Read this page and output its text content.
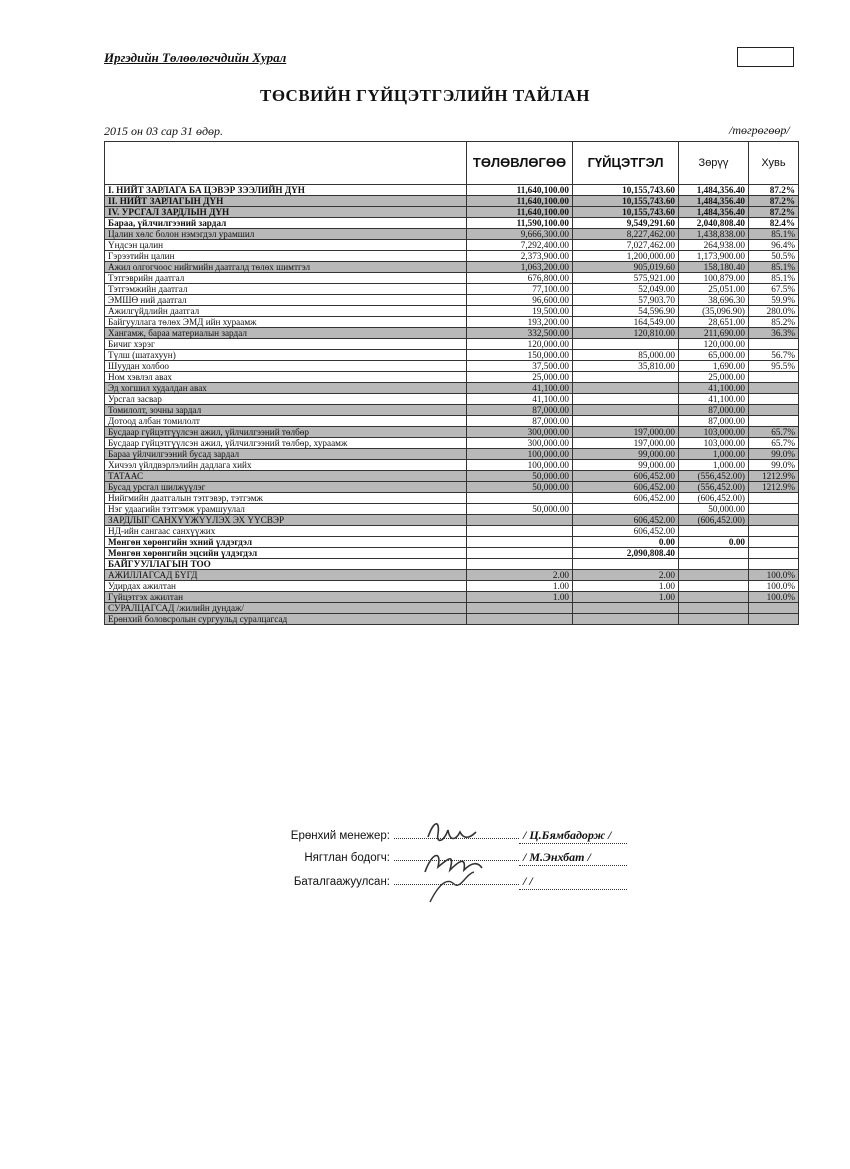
Иргэдийн Төлөөлөгчдийн Хурал
ТӨСВИЙН ГҮЙЦЭТГЭЛИЙН ТАЙЛАН
2015 он 03 сар 31 өдөр.	/төгрөгөөр/
	ТӨЛӨВЛӨГӨӨ	ГҮЙЦЭТГЭЛ	Зөрүү	Хувь
I. НИЙТ ЗАРЛАГА БА ЦЭВЭР ЗЭЭЛИЙН ДҮН	11,640,100.00	10,155,743.60	1,484,356.40	87.2%
II. НИЙТ ЗАРЛАГЫН ДҮН	11,640,100.00	10,155,743.60	1,484,356.40	87.2%
IV. УРСГАЛ ЗАРДЛЫН ДҮН	11,640,100.00	10,155,743.60	1,484,356.40	87.2%
Бараа, үйлчилгээний зардал	11,590,100.00	9,549,291.60	2,040,808.40	82.4%
Цалин хөлс болон нэмэгдэл урамшил	9,666,300.00	8,227,462.00	1,438,838.00	85.1%
Үндсэн цалин	7,292,400.00	7,027,462.00	264,938.00	96.4%
Гэрээтийн цалин	2,373,900.00	1,200,000.00	1,173,900.00	50.5%
Ажил олгогчоос нийгмийн даатгалд төлөх шимтгэл	1,063,200.00	905,019.60	158,180.40	85.1%
Тэтгэврийн даатгал	676,800.00	575,921.00	100,879.00	85.1%
Тэтгэмжийн даатгал	77,100.00	52,049.00	25,051.00	67.5%
ЭМШӨ ний даатгал	96,600.00	57,903.70	38,696.30	59.9%
Ажилгүйдлийн даатгал	19,500.00	54,596.90	(35,096.90)	280.0%
Байгууллага төлөх ЭМД ийн хураамж	193,200.00	164,549.00	28,651.00	85.2%
Хангамж, бараа материалын зардал	332,500.00	120,810.00	211,690.00	36.3%
Бичиг хэрэг	120,000.00		120,000.00	
Түлш (шатахуун)	150,000.00	85,000.00	65,000.00	56.7%
Шуудан холбоо	37,500.00	35,810.00	1,690.00	95.5%
Ном хэвлэл авах	25,000.00		25,000.00	
Эд хогшил худалдан авах	41,100.00		41,100.00	
Урсгал засвар	41,100.00		41,100.00	
Томилолт, зочны зардал	87,000.00		87,000.00	
Дотоод албан томилолт	87,000.00		87,000.00	
Бусдаар гүйцэтгүүлсэн ажил, үйлчилгээний төлбөр	300,000.00	197,000.00	103,000.00	65.7%
Бусдаар гүйцэтгүүлсэн ажил, үйлчилгээний төлбөр, хураамж	300,000.00	197,000.00	103,000.00	65.7%
Бараа үйлчилгээний бусад зардал	100,000.00	99,000.00	1,000.00	99.0%
Хичээл үйлдвэрлэлийн дадлага хийх	100,000.00	99,000.00	1,000.00	99.0%
ТАТААС	50,000.00	606,452.00	(556,452.00)	1212.9%
Бусад урсгал шилжүүлэг	50,000.00	606,452.00	(556,452.00)	1212.9%
Нийгмийн даатгалын тэтгэвэр, тэтгэмж		606,452.00	(606,452.00)	
Нэг удаагийн тэтгэмж урамшуулал	50,000.00		50,000.00	
ЗАРДЛЫГ САНХҮҮЖҮҮЛЭХ ЭХ ҮҮСВЭР		606,452.00	(606,452.00)	
НД-ийн сангаас санхүүжих		606,452.00		
Мөнгөн хөрөнгийн эхний үлдэгдэл		0.00	0.00	
Мөнгөн хөрөнгийн эцсийн үлдэгдэл		2,090,808.40		
БАЙГУУЛЛАГЫН ТОО				
АЖИЛЛАГСАД БҮГД	2.00	2.00		100.0%
Удирдах ажилтан	1.00	1.00		100.0%
Гүйцэтгэх ажилтан	1.00	1.00		100.0%
СУРАЛЦАГСАД /жилийн дундаж/				
Ерөнхий боловсролын сургуульд суралцагсад				
Ерөнхий менежер:	/ Ц.Бямбадорж /
Нягтлан бодогч:	/ М.Энхбат /
Баталгаажуулсан:	/ /
